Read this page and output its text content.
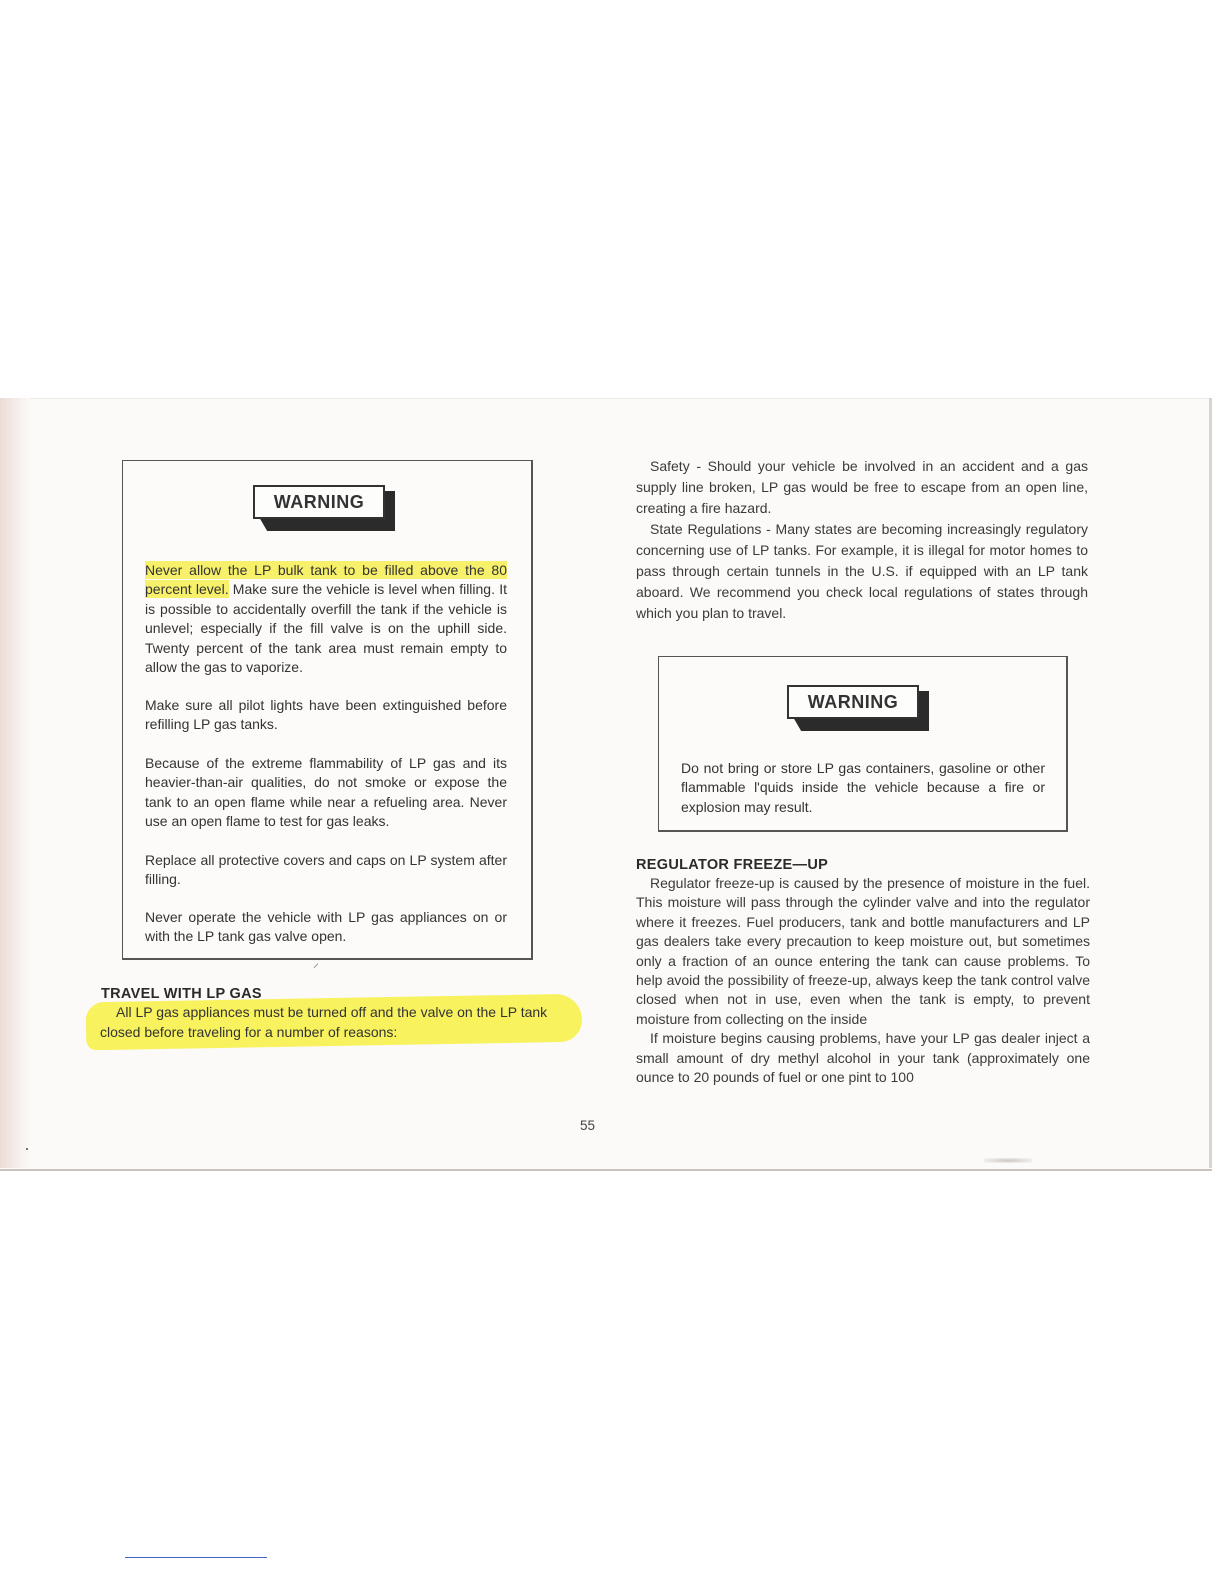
WARNING
Never allow the LP bulk tank to be filled above the 80 percent level. Make sure the vehicle is level when filling. It is possible to accidentally overfill the tank if the vehicle is unlevel; especially if the fill valve is on the uphill side. Twenty percent of the tank area must remain empty to allow the gas to vaporize.
Make sure all pilot lights have been extinguished before refilling LP gas tanks.
Because of the extreme flammability of LP gas and its heavier-than-air qualities, do not smoke or expose the tank to an open flame while near a refueling area. Never use an open flame to test for gas leaks.
Replace all protective covers and caps on LP system after filling.
Never operate the vehicle with LP gas appliances on or with the LP tank gas valve open.
⸝
TRAVEL WITH LP GAS
All LP gas appliances must be turned off and the valve on the LP tank closed before traveling for a number of reasons:

Safety - Should your vehicle be involved in an accident and a gas supply line broken, LP gas would be free to escape from an open line, creating a fire hazard.

State Regulations - Many states are becoming increasingly regulatory concerning use of LP tanks. For example, it is illegal for motor homes to pass through certain tunnels in the U.S. if equipped with an LP tank aboard. We recommend you check local regulations of states through which you plan to travel.

WARNING
Do not bring or store LP gas containers, gasoline or other flammable l'quids inside the vehicle because a fire or explosion may result.
REGULATOR FREEZE—UP

Regulator freeze-up is caused by the presence of moisture in the fuel. This moisture will pass through the cylinder valve and into the regulator where it freezes. Fuel producers, tank and bottle manufacturers and LP gas dealers take every precaution to keep moisture out, but sometimes only a fraction of an ounce entering the tank can cause problems. To help avoid the possibility of freeze-up, always keep the tank control valve closed when not in use, even when the tank is empty, to prevent moisture from collecting on the inside

If moisture begins causing problems, have your LP gas dealer inject a small amount of dry methyl alcohol in your tank (approximately one ounce to 20 pounds of fuel or one pint to 100

55
